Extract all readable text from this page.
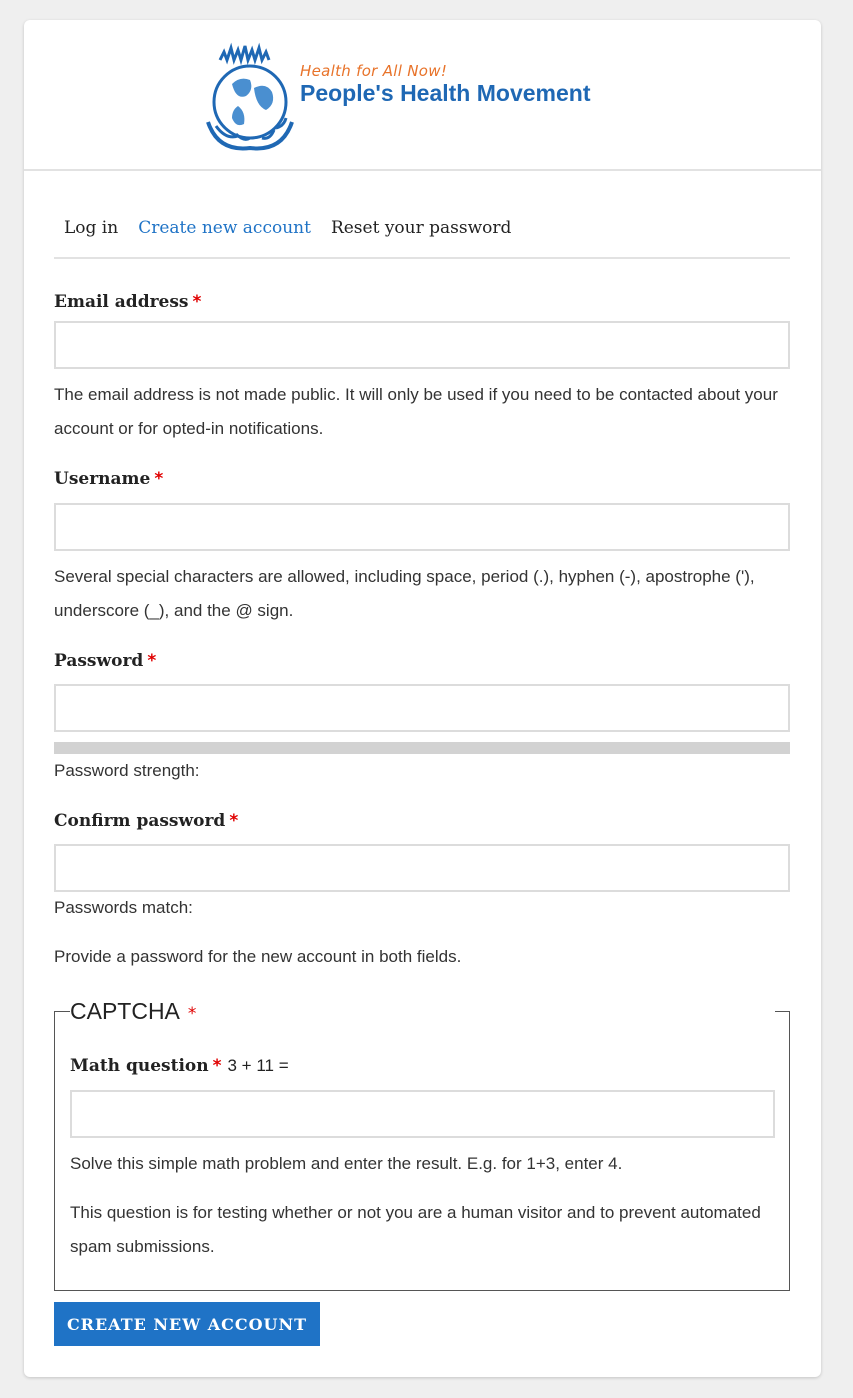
Health for All Now!
People's Health Movement
Log in	Create new account	Reset your password
Email address *
The email address is not made public. It will only be used if you need to be contacted about your account or for opted-in notifications.
Username *
Several special characters are allowed, including space, period (.), hyphen (-), apostrophe ('), underscore (_), and the @ sign.
Password *
Password strength:
Confirm password *
Passwords match:
Provide a password for the new account in both fields.
CAPTCHA *
Math question * 3 + 11 =
Solve this simple math problem and enter the result. E.g. for 1+3, enter 4.
This question is for testing whether or not you are a human visitor and to prevent automated spam submissions.
CREATE NEW ACCOUNT
